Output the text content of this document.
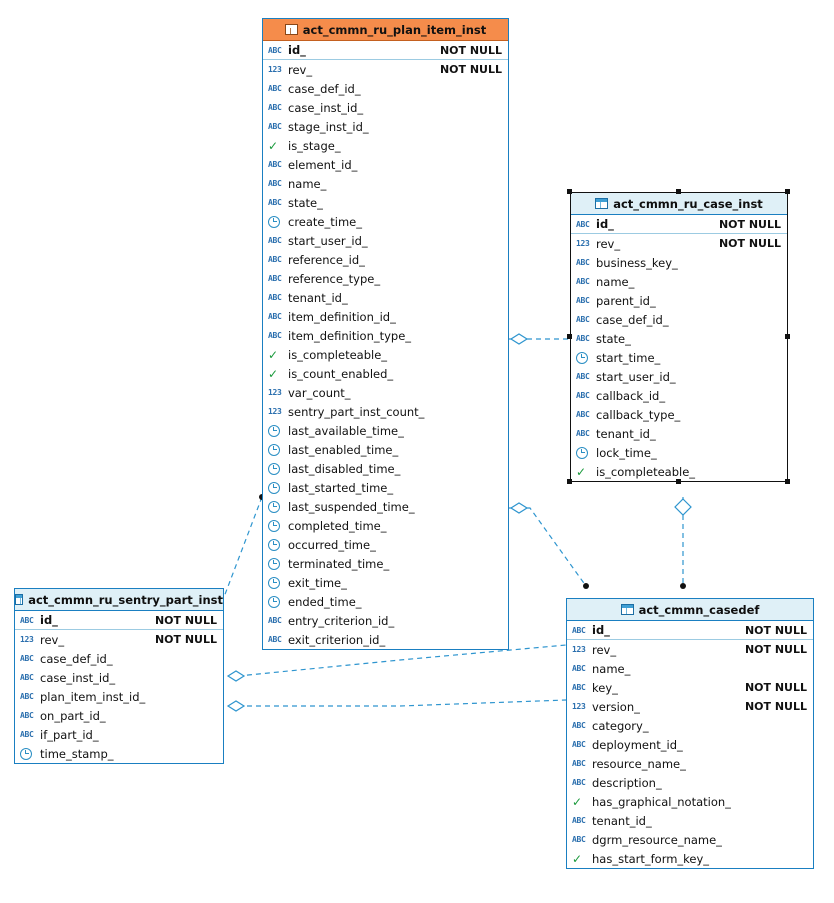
act_cmmn_ru_plan_item_inst
ABC id_	NOT NULL
123 rev_	NOT NULL
ABC case_def_id_
ABC case_inst_id_
ABC stage_inst_id_
✓ is_stage_
ABC element_id_
ABC name_
ABC state_
create_time_
ABC start_user_id_
ABC reference_id_
ABC reference_type_
ABC tenant_id_
ABC item_definition_id_
ABC item_definition_type_
✓ is_completeable_
✓ is_count_enabled_
123 var_count_
123 sentry_part_inst_count_
last_available_time_
last_enabled_time_
last_disabled_time_
last_started_time_
last_suspended_time_
completed_time_
occurred_time_
terminated_time_
exit_time_
ended_time_
ABC entry_criterion_id_
ABC exit_criterion_id_
act_cmmn_ru_case_inst
ABC id_	NOT NULL
123 rev_	NOT NULL
ABC business_key_
ABC name_
ABC parent_id_
ABC case_def_id_
ABC state_
start_time_
ABC start_user_id_
ABC callback_id_
ABC callback_type_
ABC tenant_id_
lock_time_
✓ is_completeable_
act_cmmn_ru_sentry_part_inst
ABC id_	NOT NULL
123 rev_	NOT NULL
ABC case_def_id_
ABC case_inst_id_
ABC plan_item_inst_id_
ABC on_part_id_
ABC if_part_id_
time_stamp_
act_cmmn_casedef
ABC id_	NOT NULL
123 rev_	NOT NULL
ABC name_
ABC key_	NOT NULL
123 version_	NOT NULL
ABC category_
ABC deployment_id_
ABC resource_name_
ABC description_
✓ has_graphical_notation_
ABC tenant_id_
ABC dgrm_resource_name_
✓ has_start_form_key_
